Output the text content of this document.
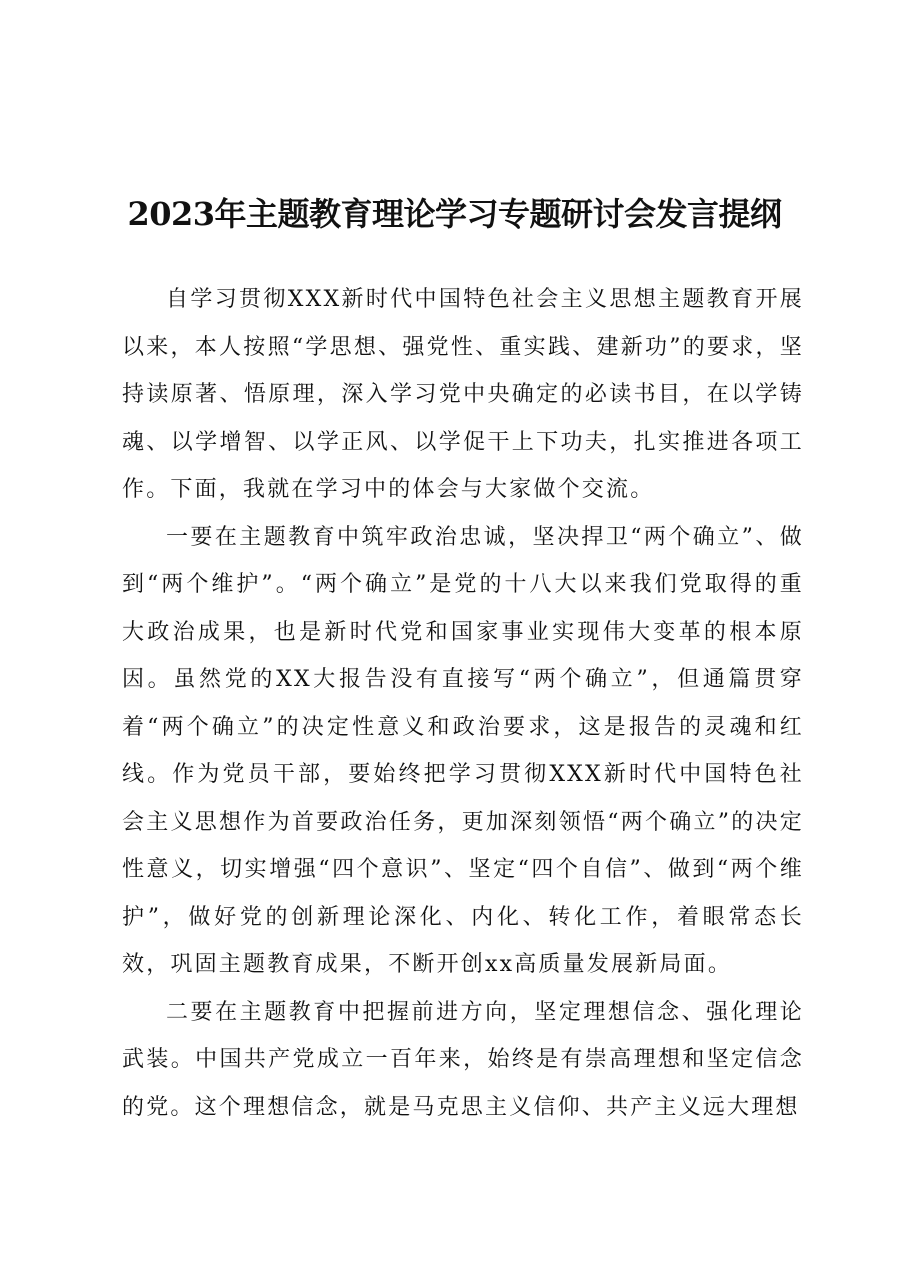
2023年主题教育理论学习专题研讨会发言提纲

自学习贯彻XXX新时代中国特色社会主义思想主题教育开展以来，本人按照“学思想、强党性、重实践、建新功”的要求，坚持读原著、悟原理，深入学习党中央确定的必读书目，在以学铸魂、以学增智、以学正风、以学促干上下功夫，扎实推进各项工作。下面，我就在学习中的体会与大家做个交流。

一要在主题教育中筑牢政治忠诚，坚决捍卫“两个确立”、做到“两个维护”。“两个确立”是党的十八大以来我们党取得的重大政治成果，也是新时代党和国家事业实现伟大变革的根本原因。虽然党的XX大报告没有直接写“两个确立”，但通篇贯穿着“两个确立”的决定性意义和政治要求，这是报告的灵魂和红线。作为党员干部，要始终把学习贯彻XXX新时代中国特色社会主义思想作为首要政治任务，更加深刻领悟“两个确立”的决定性意义，切实增强“四个意识”、坚定“四个自信”、做到“两个维护”，做好党的创新理论深化、内化、转化工作，着眼常态长效，巩固主题教育成果，不断开创xx高质量发展新局面。

二要在主题教育中把握前进方向，坚定理想信念、强化理论武装。中国共产党成立一百年来，始终是有崇高理想和坚定信念的党。这个理想信念，就是马克思主义信仰、共产主义远大理想
